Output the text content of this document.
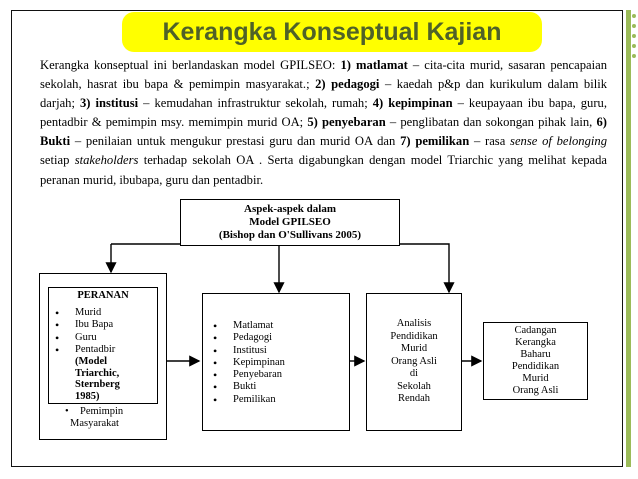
Kerangka Konseptual Kajian

Kerangka konseptual ini berlandaskan model GPILSEO: 1) matlamat – cita-cita murid, sasaran pencapaian sekolah, hasrat ibu bapa & pemimpin masyarakat.; 2) pedagogi – kaedah p&p dan kurikulum dalam bilik darjah; 3) institusi – kemudahan infrastruktur sekolah, rumah; 4) kepimpinan – keupayaan ibu bapa, guru, pentadbir & pemimpin msy. memimpin murid OA; 5) penyebaran – penglibatan dan sokongan pihak lain, 6) Bukti – penilaian untuk mengukur prestasi guru dan murid OA dan 7) pemilikan – rasa sense of belonging setiap stakeholders terhadap sekolah OA . Serta digabungkan dengan model Triarchic yang melihat kepada peranan murid, ibubapa, guru dan pentadbir.

Aspek-aspek dalam
Model GPILSEO
(Bishop dan O'Sullivans 2005)
PERANAN
• Murid
• Ibu Bapa
• Guru
• Pentadbir
(Model
Triarchic,
Sternberg
1985)
• Pemimpin
Masyarakat
• Matlamat
• Pedagogi
• Institusi
• Kepimpinan
• Penyebaran
• Bukti
• Pemilikan
Analisis
Pendidikan
Murid
Orang Asli
di
Sekolah
Rendah
Cadangan
Kerangka
Baharu
Pendidikan
Murid
Orang Asli
